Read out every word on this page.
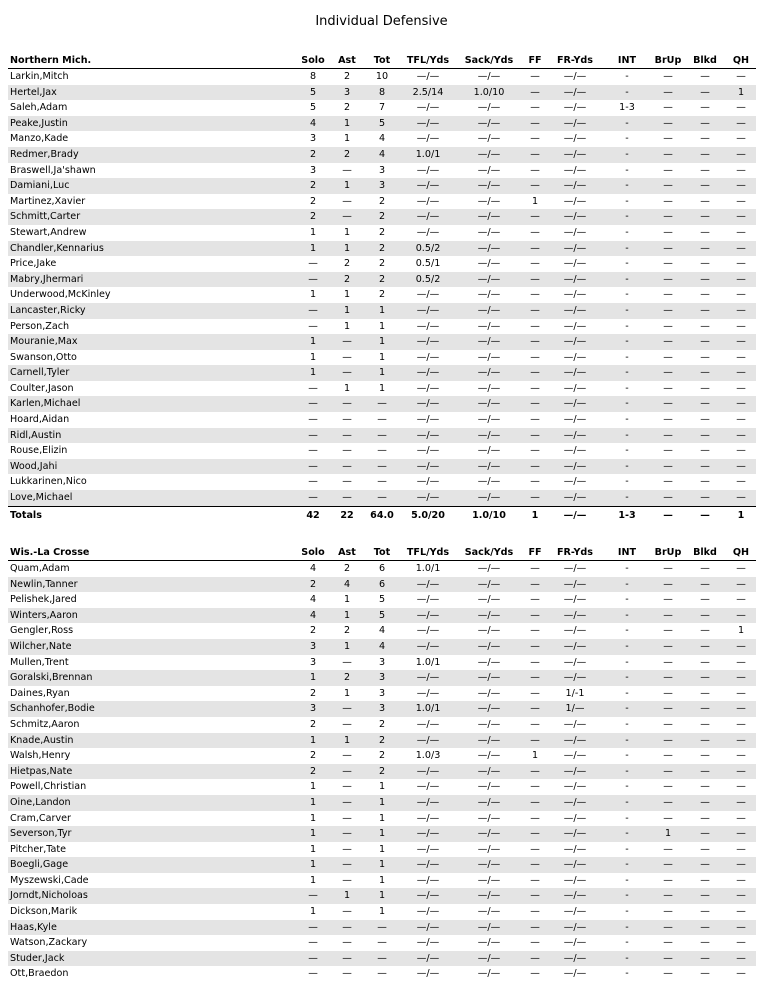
Individual Defensive
Northern Mich.	Solo	Ast	Tot	TFL/Yds	Sack/Yds	FF	FR-Yds	INT	BrUp	Blkd	QH
Larkin,Mitch	8	2	10	—/—	—/—	—	—/—	-	—	—	—
Hertel,Jax	5	3	8	2.5/14	1.0/10	—	—/—	-	—	—	1
Saleh,Adam	5	2	7	—/—	—/—	—	—/—	1-3	—	—	—
Peake,Justin	4	1	5	—/—	—/—	—	—/—	-	—	—	—
Manzo,Kade	3	1	4	—/—	—/—	—	—/—	-	—	—	—
Redmer,Brady	2	2	4	1.0/1	—/—	—	—/—	-	—	—	—
Braswell,Ja'shawn	3	—	3	—/—	—/—	—	—/—	-	—	—	—
Damiani,Luc	2	1	3	—/—	—/—	—	—/—	-	—	—	—
Martinez,Xavier	2	—	2	—/—	—/—	1	—/—	-	—	—	—
Schmitt,Carter	2	—	2	—/—	—/—	—	—/—	-	—	—	—
Stewart,Andrew	1	1	2	—/—	—/—	—	—/—	-	—	—	—
Chandler,Kennarius	1	1	2	0.5/2	—/—	—	—/—	-	—	—	—
Price,Jake	—	2	2	0.5/1	—/—	—	—/—	-	—	—	—
Mabry,Jhermari	—	2	2	0.5/2	—/—	—	—/—	-	—	—	—
Underwood,McKinley	1	1	2	—/—	—/—	—	—/—	-	—	—	—
Lancaster,Ricky	—	1	1	—/—	—/—	—	—/—	-	—	—	—
Person,Zach	—	1	1	—/—	—/—	—	—/—	-	—	—	—
Mouranie,Max	1	—	1	—/—	—/—	—	—/—	-	—	—	—
Swanson,Otto	1	—	1	—/—	—/—	—	—/—	-	—	—	—
Carnell,Tyler	1	—	1	—/—	—/—	—	—/—	-	—	—	—
Coulter,Jason	—	1	1	—/—	—/—	—	—/—	-	—	—	—
Karlen,Michael	—	—	—	—/—	—/—	—	—/—	-	—	—	—
Hoard,Aidan	—	—	—	—/—	—/—	—	—/—	-	—	—	—
Ridl,Austin	—	—	—	—/—	—/—	—	—/—	-	—	—	—
Rouse,Elizin	—	—	—	—/—	—/—	—	—/—	-	—	—	—
Wood,Jahi	—	—	—	—/—	—/—	—	—/—	-	—	—	—
Lukkarinen,Nico	—	—	—	—/—	—/—	—	—/—	-	—	—	—
Love,Michael	—	—	—	—/—	—/—	—	—/—	-	—	—	—
Totals	42	22	64.0	5.0/20	1.0/10	1	—/—	1-3	—	—	1
Wis.-La Crosse	Solo	Ast	Tot	TFL/Yds	Sack/Yds	FF	FR-Yds	INT	BrUp	Blkd	QH
Quam,Adam	4	2	6	1.0/1	—/—	—	—/—	-	—	—	—
Newlin,Tanner	2	4	6	—/—	—/—	—	—/—	-	—	—	—
Pelishek,Jared	4	1	5	—/—	—/—	—	—/—	-	—	—	—
Winters,Aaron	4	1	5	—/—	—/—	—	—/—	-	—	—	—
Gengler,Ross	2	2	4	—/—	—/—	—	—/—	-	—	—	1
Wilcher,Nate	3	1	4	—/—	—/—	—	—/—	-	—	—	—
Mullen,Trent	3	—	3	1.0/1	—/—	—	—/—	-	—	—	—
Goralski,Brennan	1	2	3	—/—	—/—	—	—/—	-	—	—	—
Daines,Ryan	2	1	3	—/—	—/—	—	1/-1	-	—	—	—
Schanhofer,Bodie	3	—	3	1.0/1	—/—	—	1/—	-	—	—	—
Schmitz,Aaron	2	—	2	—/—	—/—	—	—/—	-	—	—	—
Knade,Austin	1	1	2	—/—	—/—	—	—/—	-	—	—	—
Walsh,Henry	2	—	2	1.0/3	—/—	1	—/—	-	—	—	—
Hietpas,Nate	2	—	2	—/—	—/—	—	—/—	-	—	—	—
Powell,Christian	1	—	1	—/—	—/—	—	—/—	-	—	—	—
Oine,Landon	1	—	1	—/—	—/—	—	—/—	-	—	—	—
Cram,Carver	1	—	1	—/—	—/—	—	—/—	-	—	—	—
Severson,Tyr	1	—	1	—/—	—/—	—	—/—	-	1	—	—
Pitcher,Tate	1	—	1	—/—	—/—	—	—/—	-	—	—	—
Boegli,Gage	1	—	1	—/—	—/—	—	—/—	-	—	—	—
Myszewski,Cade	1	—	1	—/—	—/—	—	—/—	-	—	—	—
Jorndt,Nicholoas	—	1	1	—/—	—/—	—	—/—	-	—	—	—
Dickson,Marik	1	—	1	—/—	—/—	—	—/—	-	—	—	—
Haas,Kyle	—	—	—	—/—	—/—	—	—/—	-	—	—	—
Watson,Zackary	—	—	—	—/—	—/—	—	—/—	-	—	—	—
Studer,Jack	—	—	—	—/—	—/—	—	—/—	-	—	—	—
Ott,Braedon	—	—	—	—/—	—/—	—	—/—	-	—	—	—
